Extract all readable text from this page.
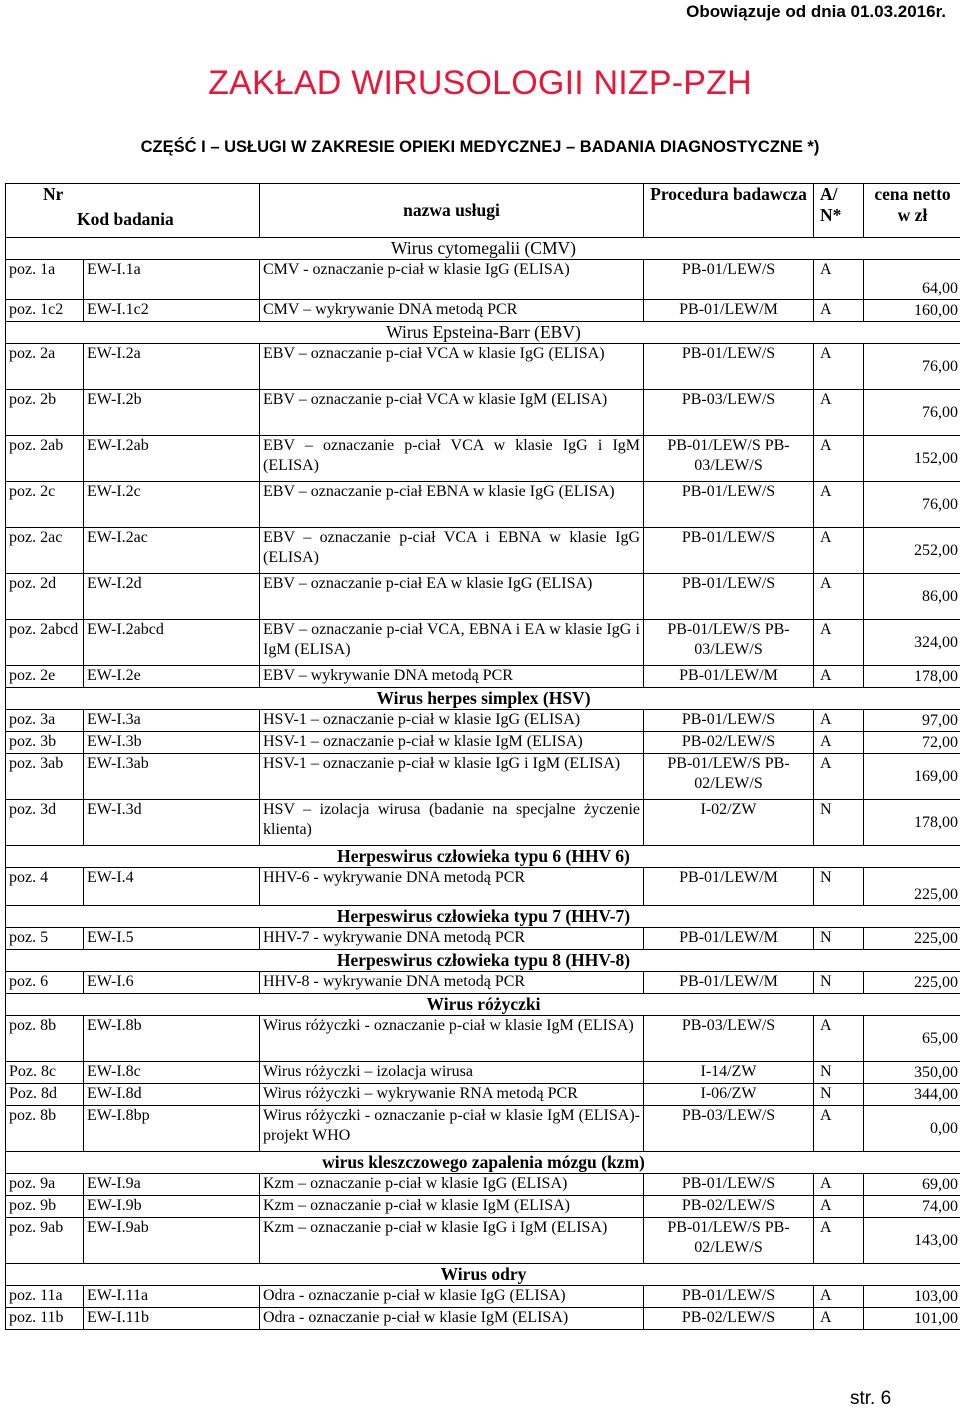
Obowiązuje od dnia 01.03.2016r.
ZAKŁAD WIRUSOLOGII NIZP-PZH
CZĘŚĆ I – USŁUGI W ZAKRESIE OPIEKI MEDYCZNEJ – BADANIA DIAGNOSTYCZNE *)
Nr
Kod badania		nazwa usługi	Procedura badawcza	A/ N*	cena netto w zł
Wirus cytomegalii (CMV)					
poz. 1a	EW-I.1a	CMV - oznaczanie p-ciał w klasie IgG (ELISA)	PB-01/LEW/S	A	64,00
poz. 1c2	EW-I.1c2	CMV – wykrywanie DNA metodą PCR	PB-01/LEW/M	A	160,00
Wirus Epsteina-Barr (EBV)					
poz. 2a	EW-I.2a	EBV – oznaczanie p-ciał VCA w klasie IgG (ELISA)	PB-01/LEW/S	A	76,00
poz. 2b	EW-I.2b	EBV – oznaczanie p-ciał VCA w klasie IgM (ELISA)	PB-03/LEW/S	A	76,00
poz. 2ab	EW-I.2ab	EBV – oznaczanie p-ciał VCA w klasie IgG i IgM (ELISA)	PB-01/LEW/S PB-03/LEW/S	A	152,00
poz. 2c	EW-I.2c	EBV – oznaczanie p-ciał EBNA w klasie IgG (ELISA)	PB-01/LEW/S	A	76,00
poz. 2ac	EW-I.2ac	EBV – oznaczanie p-ciał VCA i EBNA w klasie IgG (ELISA)	PB-01/LEW/S	A	252,00
poz. 2d	EW-I.2d	EBV – oznaczanie p-ciał EA w klasie IgG (ELISA)	PB-01/LEW/S	A	86,00
poz. 2abcd	EW-I.2abcd	EBV – oznaczanie p-ciał VCA, EBNA i EA w klasie IgG i IgM (ELISA)	PB-01/LEW/S PB-03/LEW/S	A	324,00
poz. 2e	EW-I.2e	EBV – wykrywanie DNA metodą PCR	PB-01/LEW/M	A	178,00
Wirus herpes simplex (HSV)					
poz. 3a	EW-I.3a	HSV-1 – oznaczanie p-ciał w klasie IgG (ELISA)	PB-01/LEW/S	A	97,00
poz. 3b	EW-I.3b	HSV-1 – oznaczanie p-ciał w klasie IgM (ELISA)	PB-02/LEW/S	A	72,00
poz. 3ab	EW-I.3ab	HSV-1 – oznaczanie p-ciał w klasie IgG i IgM (ELISA)	PB-01/LEW/S PB-02/LEW/S	A	169,00
poz. 3d	EW-I.3d	HSV – izolacja wirusa (badanie na specjalne życzenie klienta)	I-02/ZW	N	178,00
Herpeswirus człowieka typu 6 (HHV 6)					
poz. 4	EW-I.4	HHV-6 - wykrywanie DNA metodą PCR	PB-01/LEW/M	N	225,00
Herpeswirus człowieka typu 7 (HHV-7)					
poz. 5	EW-I.5	HHV-7 - wykrywanie DNA metodą PCR	PB-01/LEW/M	N	225,00
Herpeswirus człowieka typu 8 (HHV-8)					
poz. 6	EW-I.6	HHV-8 - wykrywanie DNA metodą PCR	PB-01/LEW/M	N	225,00
Wirus różyczki					
poz. 8b	EW-I.8b	Wirus różyczki - oznaczanie p-ciał w klasie IgM (ELISA)	PB-03/LEW/S	A	65,00
Poz. 8c	EW-I.8c	Wirus różyczki – izolacja wirusa	I-14/ZW	N	350,00
Poz. 8d	EW-I.8d	Wirus różyczki – wykrywanie RNA metodą PCR	I-06/ZW	N	344,00
poz. 8b	EW-I.8bp	Wirus różyczki - oznaczanie p-ciał w klasie IgM (ELISA)- projekt WHO	PB-03/LEW/S	A	0,00
wirus kleszczowego zapalenia mózgu (kzm)					
poz. 9a	EW-I.9a	Kzm – oznaczanie p-ciał w klasie IgG (ELISA)	PB-01/LEW/S	A	69,00
poz. 9b	EW-I.9b	Kzm – oznaczanie p-ciał w klasie IgM (ELISA)	PB-02/LEW/S	A	74,00
poz. 9ab	EW-I.9ab	Kzm – oznaczanie p-ciał w klasie IgG i IgM (ELISA)	PB-01/LEW/S PB-02/LEW/S	A	143,00
Wirus odry					
poz. 11a	EW-I.11a	Odra - oznaczanie p-ciał w klasie IgG (ELISA)	PB-01/LEW/S	A	103,00
poz. 11b	EW-I.11b	Odra - oznaczanie p-ciał w klasie IgM (ELISA)	PB-02/LEW/S	A	101,00
str. 6
